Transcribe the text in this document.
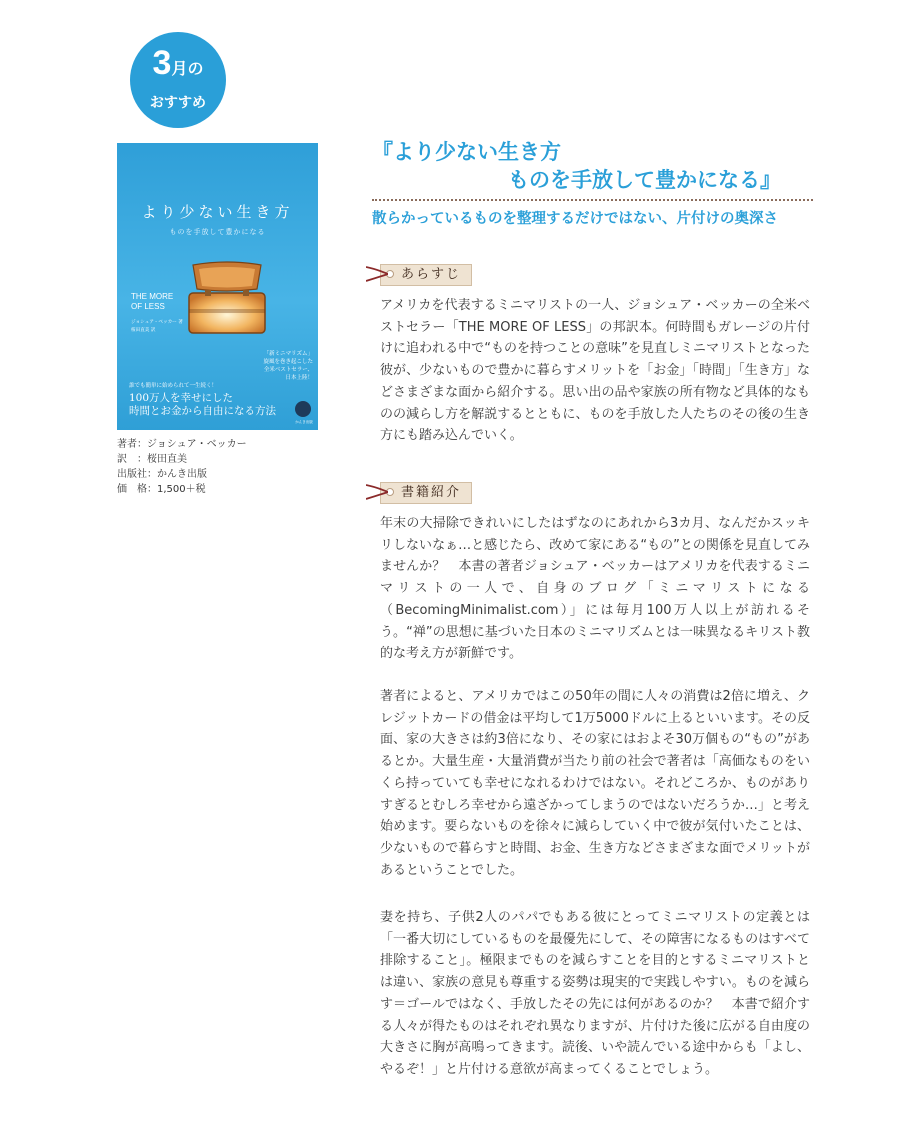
3月の
おすすめ
より少ない生き方
ものを手放して豊かになる
THE MORE
OF LESS
ジョシュア・ベッカー 著
桜田直美 訳
「新ミニマリズム」
旋風を巻き起こした
全米ベストセラー、
日本上陸！
誰でも簡単に始められて一生続く！
100万人を幸せにした
時間とお金から自由になる方法
かんき出版
著者：ジョシュア・ベッカー
訳　：桜田直美
出版社：かんき出版
価　格：1,500＋税
『より少ない生き方
ものを手放して豊かになる』
散らかっているものを整理するだけではない、片付けの奥深さ
あらすじ

アメリカを代表するミニマリストの一人、ジョシュア・ベッカーの全米ベストセラー「THE MORE OF LESS」の邦訳本。何時間もガレージの片付けに追われる中で“ものを持つことの意味”を見直しミニマリストとなった彼が、少ないもので豊かに暮らすメリットを「お金」「時間」「生き方」などさまざまな面から紹介する。思い出の品や家族の所有物など具体的なものの減らし方を解説するとともに、ものを手放した人たちのその後の生き方にも踏み込んでいく。

書籍紹介

年末の大掃除できれいにしたはずなのにあれから3カ月、なんだかスッキリしないなぁ…と感じたら、改めて家にある“もの”との関係を見直してみませんか？　本書の著者ジョシュア・ベッカーはアメリカを代表するミニマリストの一人で、自身のブログ「ミニマリストになる（BecomingMinimalist.com）」には毎月100万人以上が訪れるそう。“禅”の思想に基づいた日本のミニマリズムとは一味異なるキリスト教的な考え方が新鮮です。

著者によると、アメリカではこの50年の間に人々の消費は2倍に増え、クレジットカードの借金は平均して1万5000ドルに上るといいます。その反面、家の大きさは約3倍になり、その家にはおよそ30万個もの“もの”があるとか。大量生産・大量消費が当たり前の社会で著者は「高価なものをいくら持っていても幸せになれるわけではない。それどころか、ものがありすぎるとむしろ幸せから遠ざかってしまうのではないだろうか…」と考え始めます。要らないものを徐々に減らしていく中で彼が気付いたことは、少ないもので暮らすと時間、お金、生き方などさまざまな面でメリットがあるということでした。

妻を持ち、子供2人のパパでもある彼にとってミニマリストの定義とは「一番大切にしているものを最優先にして、その障害になるものはすべて排除すること」。極限までものを減らすことを目的とするミニマリストとは違い、家族の意見も尊重する姿勢は現実的で実践しやすい。ものを減らす＝ゴールではなく、手放したその先には何があるのか？　本書で紹介する人々が得たものはそれぞれ異なりますが、片付けた後に広がる自由度の大きさに胸が高鳴ってきます。読後、いや読んでいる途中からも「よし、やるぞ！」と片付ける意欲が高まってくることでしょう。
